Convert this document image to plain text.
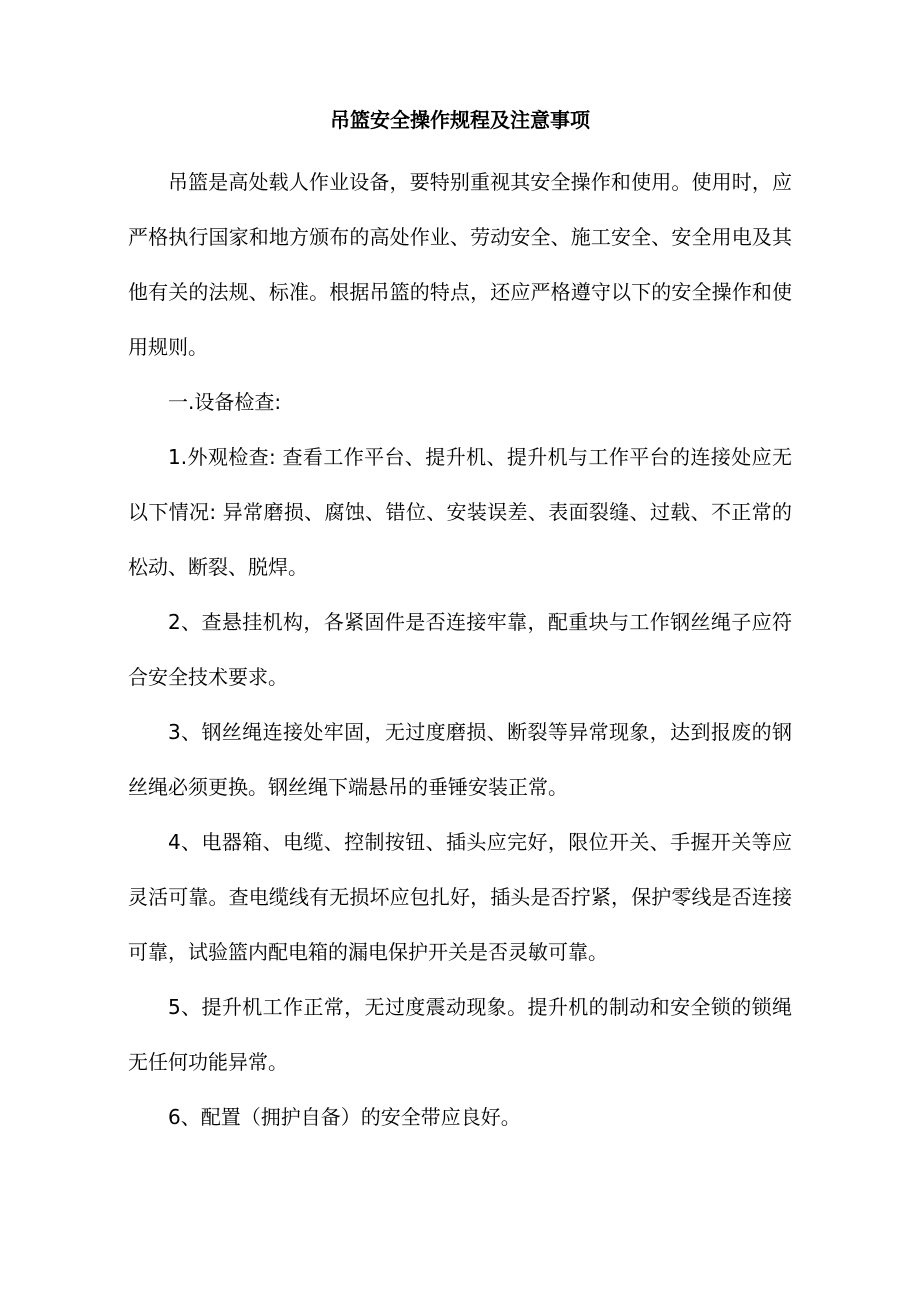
吊篮安全操作规程及注意事项

吊篮是高处载人作业设备，要特别重视其安全操作和使用。使用时，应严格执行国家和地方颁布的高处作业、劳动安全、施工安全、安全用电及其他有关的法规、标准。根据吊篮的特点，还应严格遵守以下的安全操作和使用规则。

一.设备检查:

1.外观检查: 查看工作平台、提升机、提升机与工作平台的连接处应无以下情况: 异常磨损、腐蚀、错位、安装误差、表面裂缝、过载、不正常的松动、断裂、脱焊。

2、查悬挂机构，各紧固件是否连接牢靠，配重块与工作钢丝绳子应符合安全技术要求。

3、钢丝绳连接处牢固，无过度磨损、断裂等异常现象，达到报废的钢丝绳必须更换。钢丝绳下端悬吊的垂锤安装正常。

4、电器箱、电缆、控制按钮、插头应完好，限位开关、手握开关等应灵活可靠。查电缆线有无损坏应包扎好，插头是否拧紧，保护零线是否连接可靠，试验篮内配电箱的漏电保护开关是否灵敏可靠。

5、提升机工作正常，无过度震动现象。提升机的制动和安全锁的锁绳无任何功能异常。

6、配置（拥护自备）的安全带应良好。
